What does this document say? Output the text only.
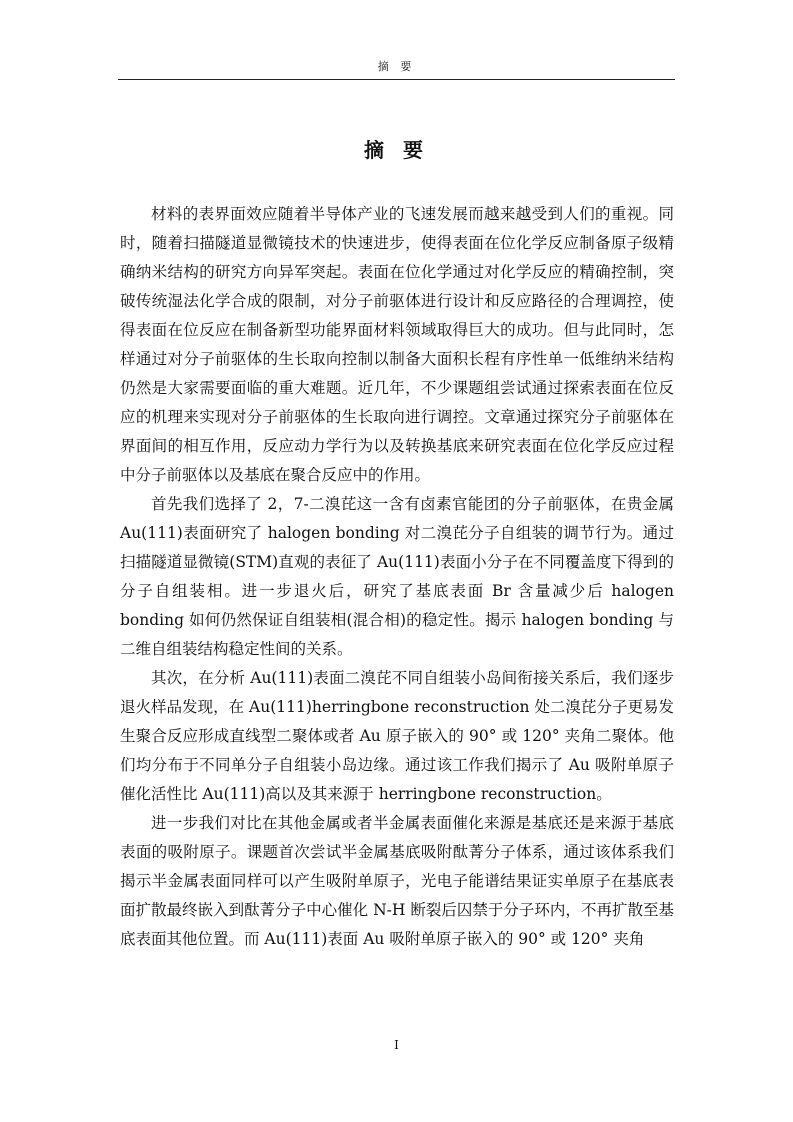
摘 要
摘 要

材料的表界面效应随着半导体产业的飞速发展而越来越受到人们的重视。同时，随着扫描隧道显微镜技术的快速进步，使得表面在位化学反应制备原子级精确纳米结构的研究方向异军突起。表面在位化学通过对化学反应的精确控制，突破传统湿法化学合成的限制，对分子前驱体进行设计和反应路径的合理调控，使得表面在位反应在制备新型功能界面材料领域取得巨大的成功。但与此同时，怎样通过对分子前驱体的生长取向控制以制备大面积长程有序性单一低维纳米结构仍然是大家需要面临的重大难题。近几年，不少课题组尝试通过探索表面在位反应的机理来实现对分子前驱体的生长取向进行调控。文章通过探究分子前驱体在界面间的相互作用，反应动力学行为以及转换基底来研究表面在位化学反应过程中分子前驱体以及基底在聚合反应中的作用。

首先我们选择了 2，7-二溴芘这一含有卤素官能团的分子前驱体，在贵金属 Au(111)表面研究了 halogen bonding 对二溴芘分子自组装的调节行为。通过扫描隧道显微镜(STM)直观的表征了 Au(111)表面小分子在不同覆盖度下得到的分子自组装相。进一步退火后，研究了基底表面 Br 含量减少后 halogen bonding 如何仍然保证自组装相(混合相)的稳定性。揭示 halogen bonding 与二维自组装结构稳定性间的关系。

其次，在分析 Au(111)表面二溴芘不同自组装小岛间衔接关系后，我们逐步退火样品发现，在 Au(111)herringbone reconstruction 处二溴芘分子更易发生聚合反应形成直线型二聚体或者 Au 原子嵌入的 90° 或 120° 夹角二聚体。他们均分布于不同单分子自组装小岛边缘。通过该工作我们揭示了 Au 吸附单原子催化活性比 Au(111)高以及其来源于 herringbone reconstruction。

进一步我们对比在其他金属或者半金属表面催化来源是基底还是来源于基底表面的吸附原子。课题首次尝试半金属基底吸附酞菁分子体系，通过该体系我们揭示半金属表面同样可以产生吸附单原子，光电子能谱结果证实单原子在基底表面扩散最终嵌入到酞菁分子中心催化 N-H 断裂后囚禁于分子环内，不再扩散至基底表面其他位置。而 Au(111)表面 Au 吸附单原子嵌入的 90° 或 120° 夹角

I
